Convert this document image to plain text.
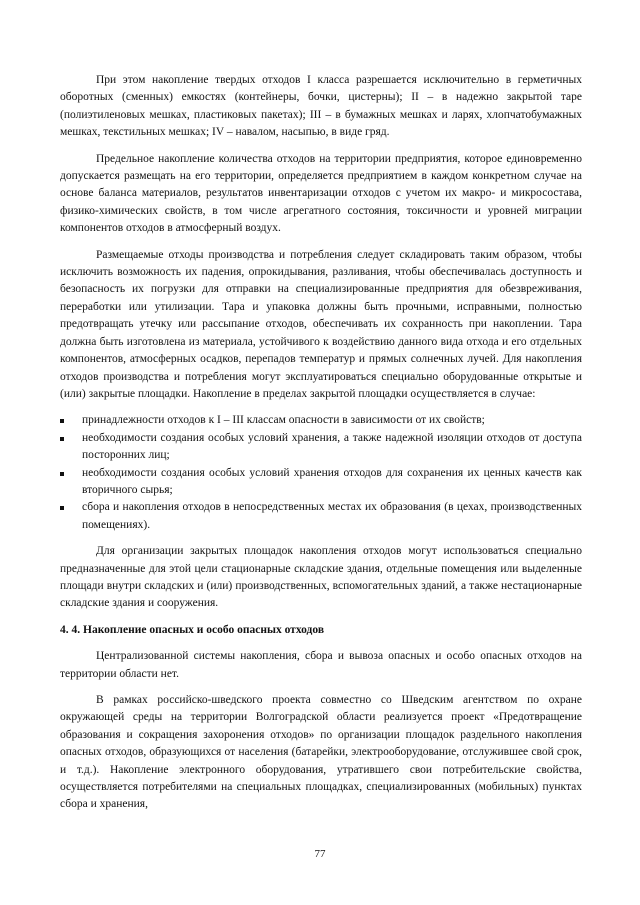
При этом накопление твердых отходов I класса разрешается исключительно в герметичных оборотных (сменных) емкостях (контейнеры, бочки, цистерны); II – в надежно закрытой таре (полиэтиленовых мешках, пластиковых пакетах); III – в бумажных мешках и ларях, хлопчатобумажных мешках, текстильных мешках; IV – навалом, насыпью, в виде гряд.

Предельное накопление количества отходов на территории предприятия, которое единовременно допускается размещать на его территории, определяется предприятием в каждом конкретном случае на основе баланса материалов, результатов инвентаризации отходов с учетом их макро- и микросостава, физико-химических свойств, в том числе агрегатного состояния, токсичности и уровней миграции компонентов отходов в атмосферный воздух.

Размещаемые отходы производства и потребления следует складировать таким образом, чтобы исключить возможность их падения, опрокидывания, разливания, чтобы обеспечивалась доступность и безопасность их погрузки для отправки на специализированные предприятия для обезвреживания, переработки или утилизации. Тара и упаковка должны быть прочными, исправными, полностью предотвращать утечку или рассыпание отходов, обеспечивать их сохранность при накоплении. Тара должна быть изготовлена из материала, устойчивого к воздействию данного вида отхода и его отдельных компонентов, атмосферных осадков, перепадов температур и прямых солнечных лучей. Для накопления отходов производства и потребления могут эксплуатироваться специально оборудованные открытые и (или) закрытые площадки. Накопление в пределах закрытой площадки осуществляется в случае:

принадлежности отходов к I – III классам опасности в зависимости от их свойств;
необходимости создания особых условий хранения, а также надежной изоляции отходов от доступа посторонних лиц;
необходимости создания особых условий хранения отходов для сохранения их ценных качеств как вторичного сырья;
сбора и накопления отходов в непосредственных местах их образования (в цехах, производственных помещениях).

Для организации закрытых площадок накопления отходов могут использоваться специально предназначенные для этой цели стационарные складские здания, отдельные помещения или выделенные площади внутри складских и (или) производственных, вспомогательных зданий, а также нестационарные складские здания и сооружения.

4. 4. Накопление опасных и особо опасных отходов

Централизованной системы накопления, сбора и вывоза опасных и особо опасных отходов на территории области нет.

В рамках российско-шведского проекта совместно со Шведским агентством по охране окружающей среды на территории Волгоградской области реализуется проект «Предотвращение образования и сокращения захоронения отходов» по организации площадок раздельного накопления опасных отходов, образующихся от населения (батарейки, электрооборудование, отслужившее свой срок, и т.д.). Накопление электронного оборудования, утратившего свои потребительские свойства, осуществляется потребителями на специальных площадках, специализированных (мобильных) пунктах сбора и хранения,

77
